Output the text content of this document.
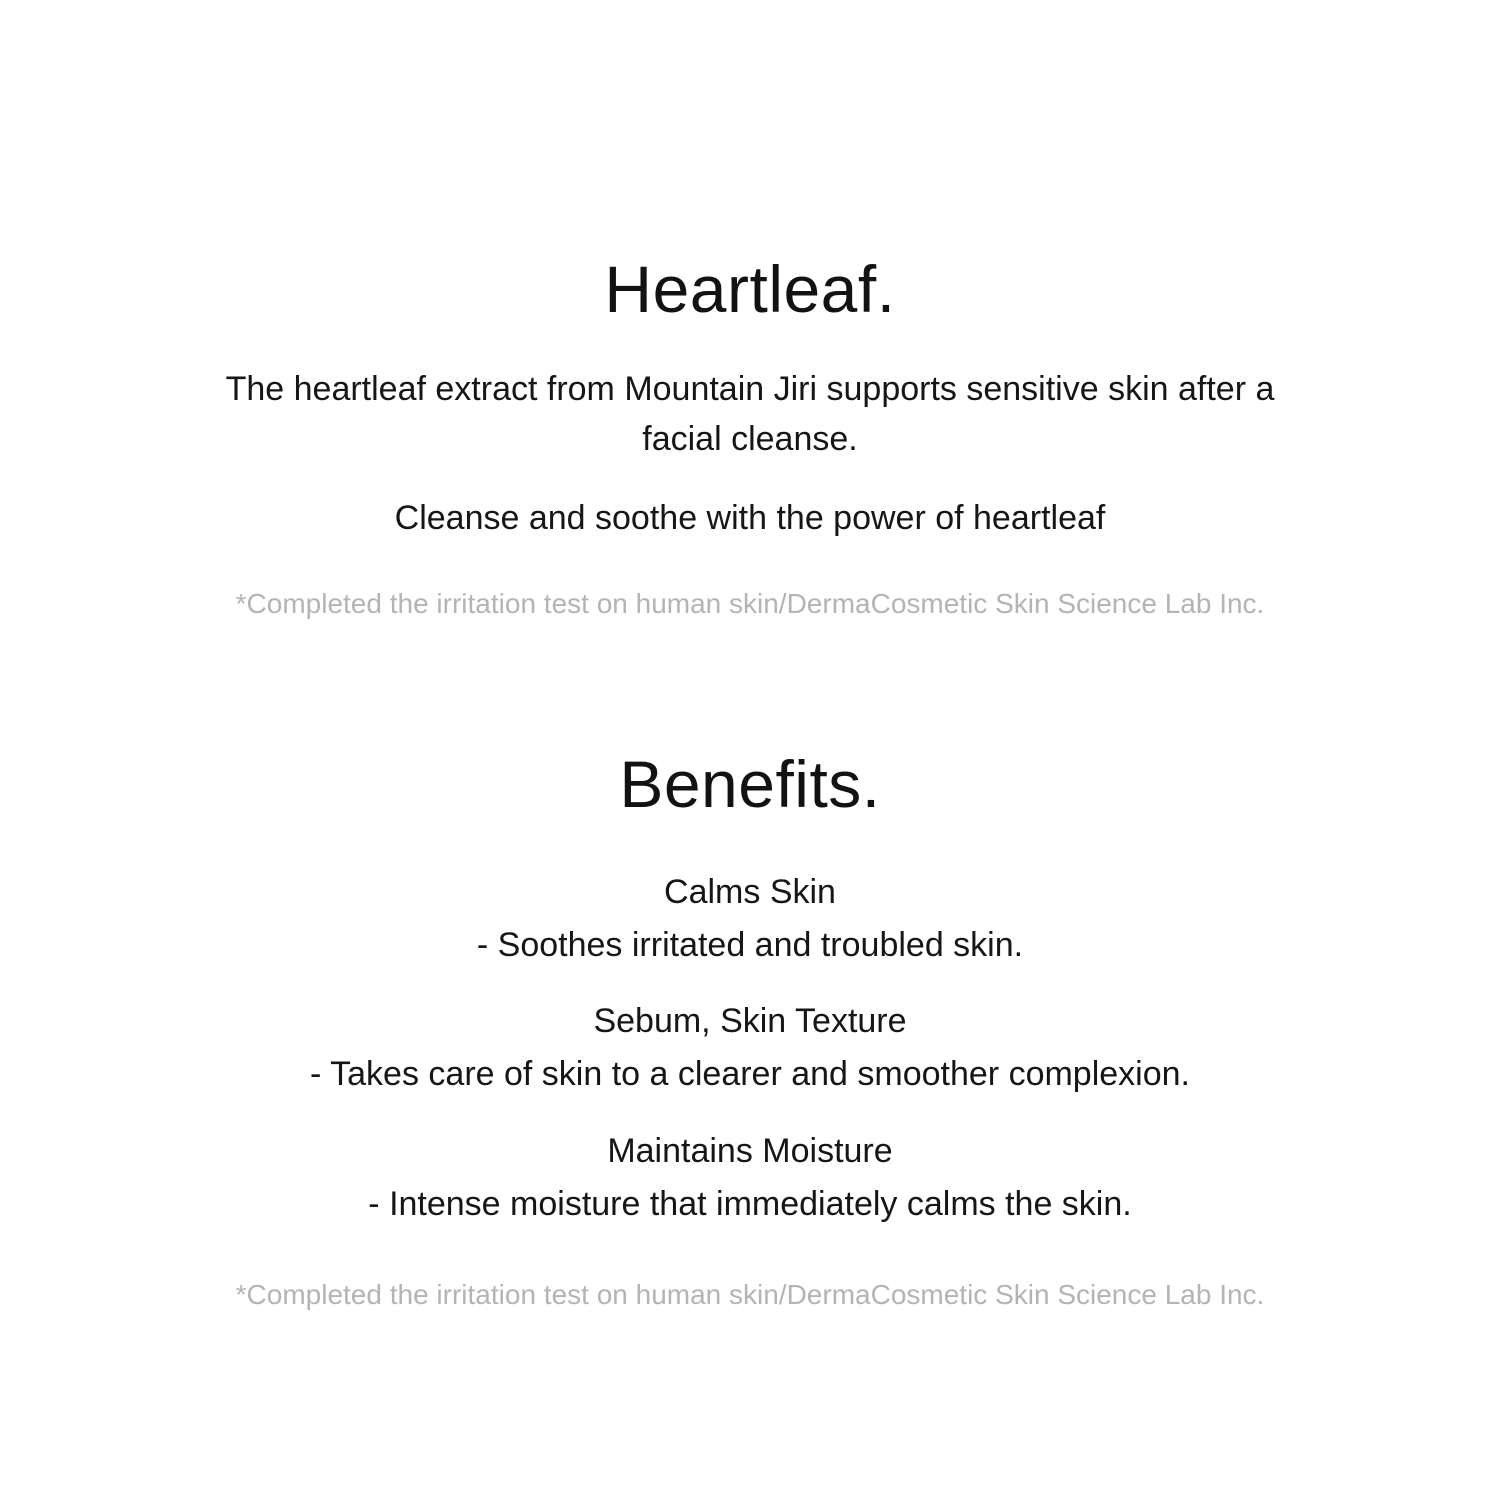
Heartleaf.

The heartleaf extract from Mountain Jiri supports sensitive skin after a facial cleanse.

Cleanse and soothe with the power of heartleaf

*Completed the irritation test on human skin/DermaCosmetic Skin Science Lab Inc.

Benefits.
Calms Skin
- Soothes irritated and troubled skin.
Sebum, Skin Texture
- Takes care of skin to a clearer and smoother complexion.
Maintains Moisture
- Intense moisture that immediately calms the skin.

*Completed the irritation test on human skin/DermaCosmetic Skin Science Lab Inc.
